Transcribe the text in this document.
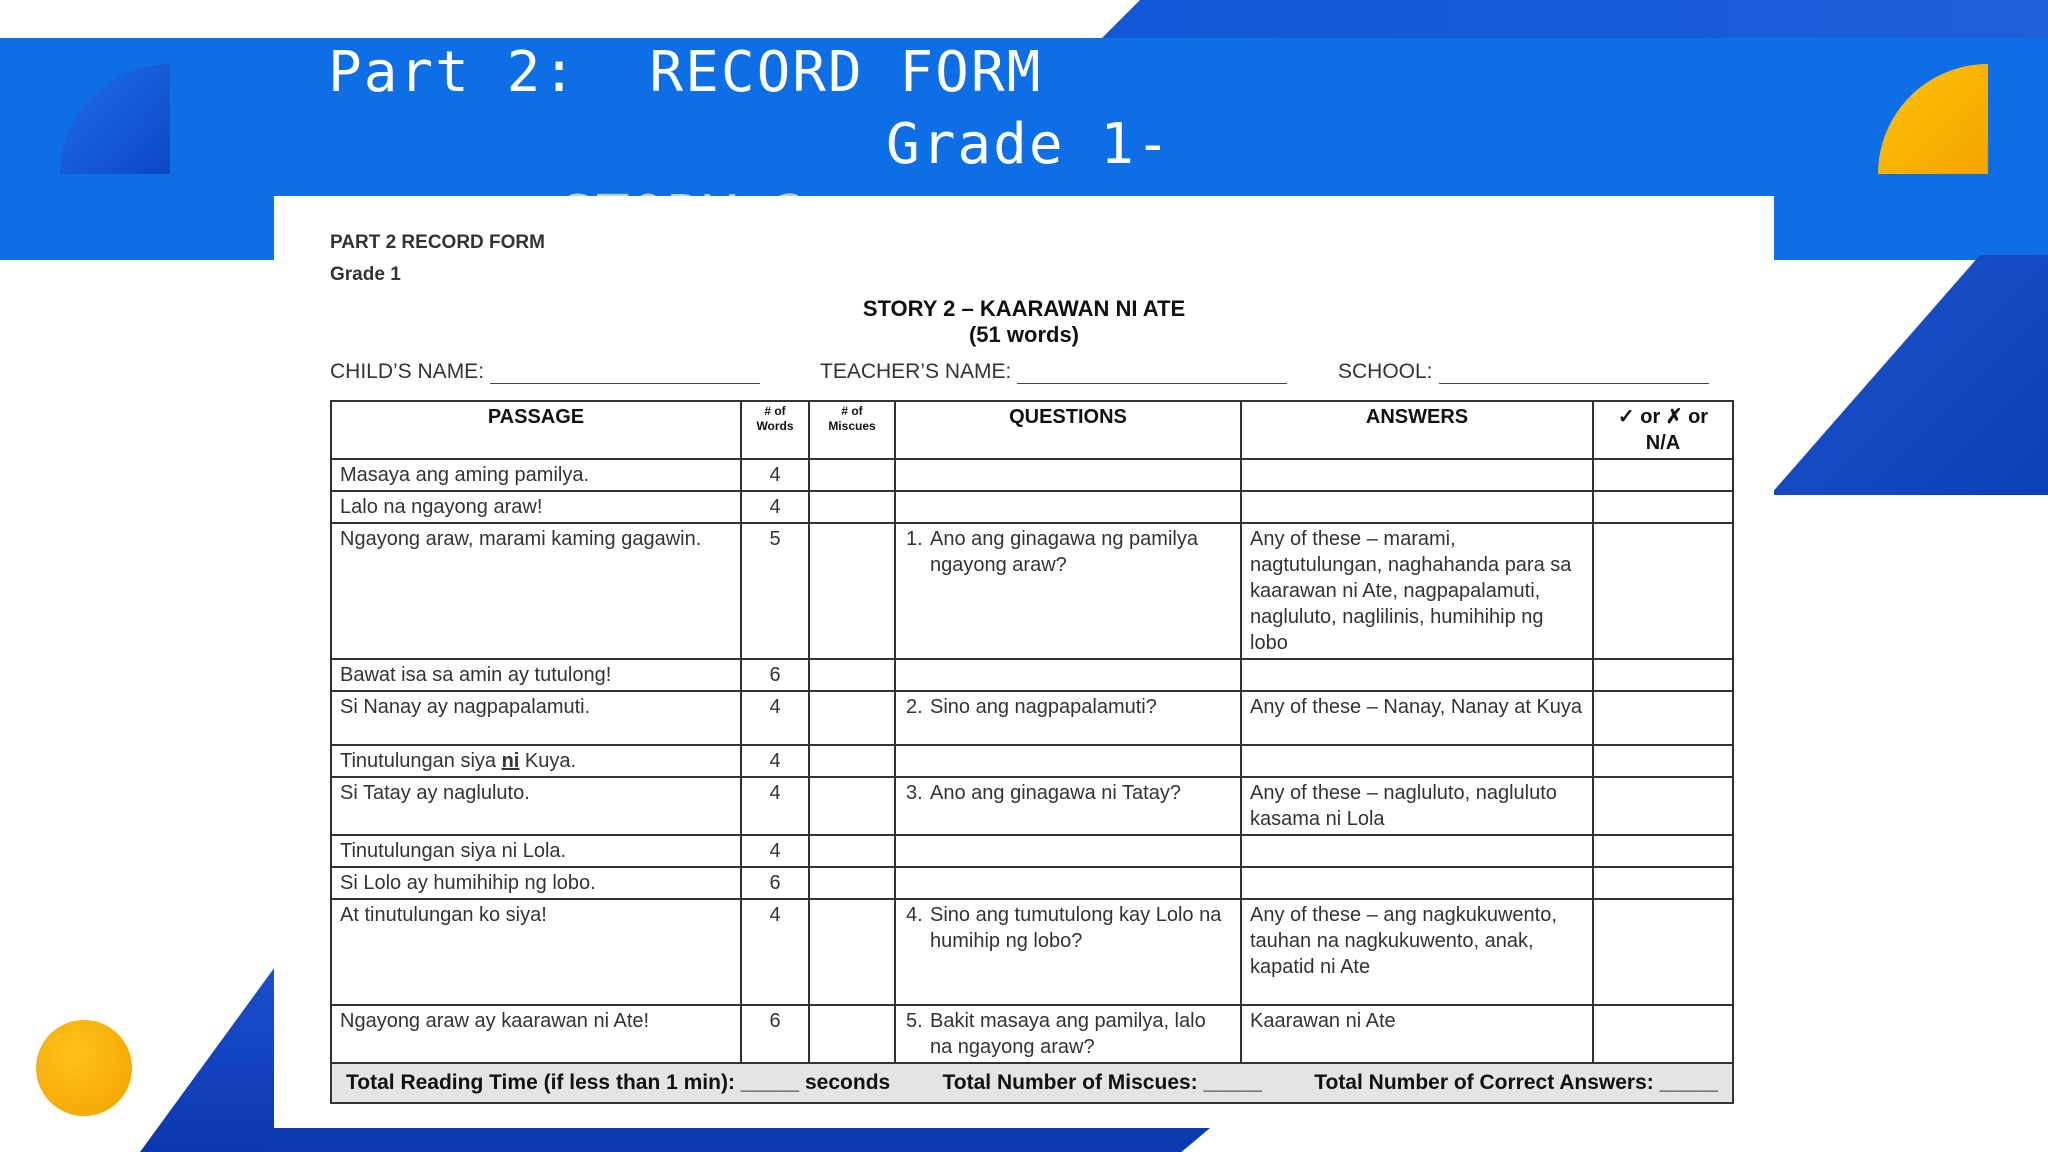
Part 2:  RECORD FORM
Grade 1-
STORY 2
PART 2 RECORD FORM
Grade 1
STORY 2 – KAARAWAN NI ATE
(51 words)
CHILD’S NAME:	TEACHER’S NAME:	SCHOOL:
PASSAGE	# of Words	# of Miscues	QUESTIONS	ANSWERS	✓ or ✗ or N/A
Masaya ang aming pamilya.	4				
Lalo na ngayong araw!	4				
Ngayong araw, marami kaming gagawin.	5		1. Ano ang ginagawa ng pamilya ngayong araw?	Any of these – marami, nagtutulungan, naghahanda para sa kaarawan ni Ate, nagpapalamuti, nagluluto, naglilinis, humihihip ng lobo	
Bawat isa sa amin ay tutulong!	6				
Si Nanay ay nagpapalamuti.	4		2. Sino ang nagpapalamuti?	Any of these – Nanay, Nanay at Kuya	
Tinutulungan siya ni Kuya.	4				
Si Tatay ay nagluluto.	4		3. Ano ang ginagawa ni Tatay?	Any of these – nagluluto, nagluluto kasama ni Lola	
Tinutulungan siya ni Lola.	4				
Si Lolo ay humihihip ng lobo.	6				
At tinutulungan ko siya!	4		4. Sino ang tumutulong kay Lolo na humihip ng lobo?	Any of these – ang nagkukuwento, tauhan na nagkukuwento, anak, kapatid ni Ate	
Ngayong araw ay kaarawan ni Ate!	6		5. Bakit masaya ang pamilya, lalo na ngayong araw?	Kaarawan ni Ate	

Total Reading Time (if less than 1 min): _____ seconds Total Number of Miscues: _____ Total Number of Correct Answers: _____					
